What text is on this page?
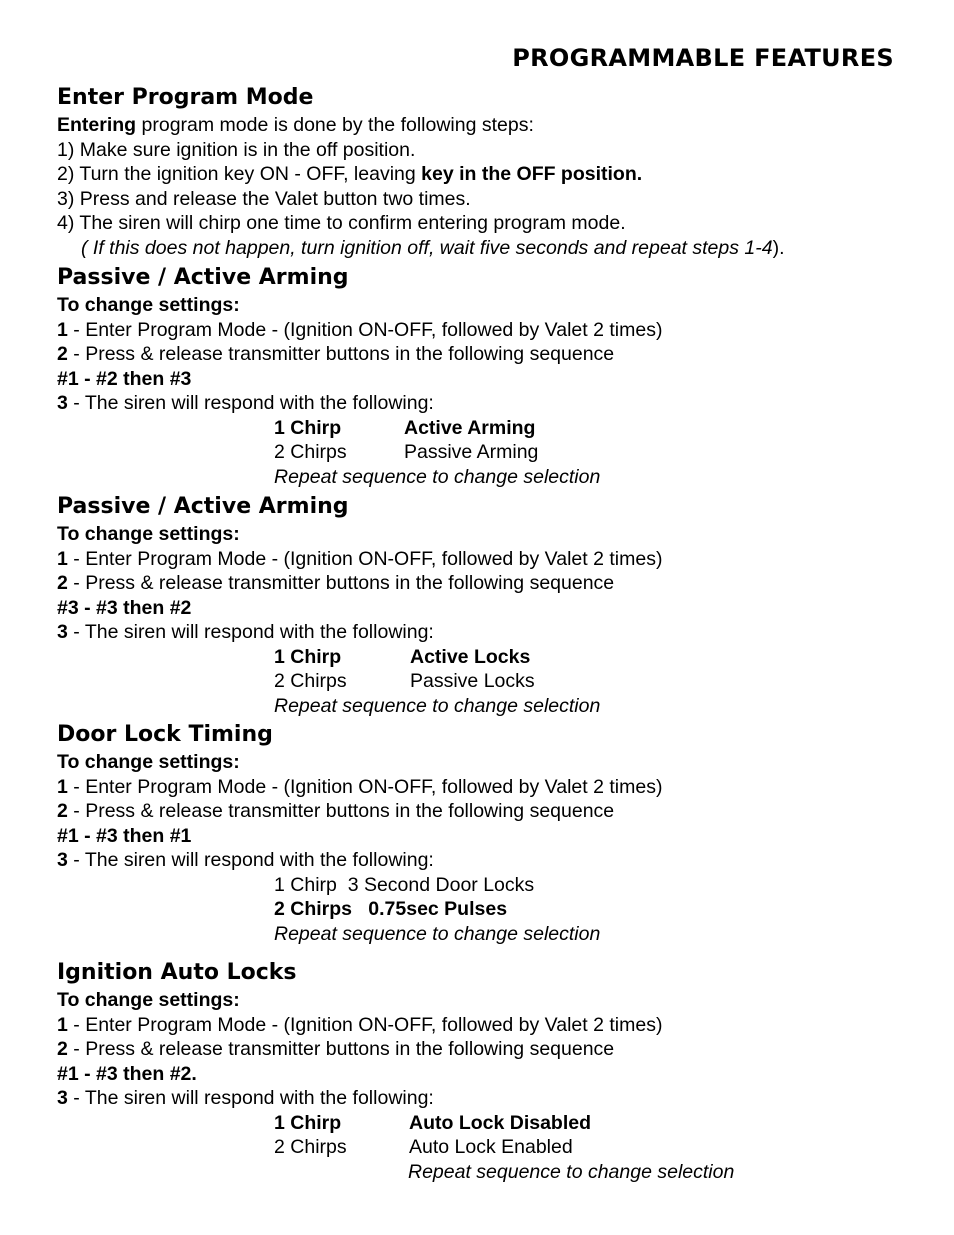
PROGRAMMABLE FEATURES
Enter Program Mode
Entering program mode is done by the following steps:
1) Make sure ignition is in the off position.
2) Turn the ignition key ON - OFF, leaving key in the OFF position.
3) Press and release the Valet button two times.
4) The siren will chirp one time to confirm entering program mode.
( If this does not happen, turn ignition off, wait five seconds and repeat steps 1-4).
Passive / Active Arming
To change settings:
1 - Enter Program Mode - (Ignition ON-OFF, followed by Valet 2 times)
2 - Press & release transmitter buttons in the following sequence
#1 - #2 then #3
3 - The siren will respond with the following:
1 Chirp	Active Arming
2 Chirps	Passive Arming
Repeat sequence to change selection
Passive / Active Arming
To change settings:
1 - Enter Program Mode - (Ignition ON-OFF, followed by Valet 2 times)
2 - Press & release transmitter buttons in the following sequence
#3 - #3 then #2
3 - The siren will respond with the following:
1 Chirp	Active Locks
2 Chirps	Passive Locks
Repeat sequence to change selection
Door Lock Timing
To change settings:
1 - Enter Program Mode - (Ignition ON-OFF, followed by Valet 2 times)
2 - Press & release transmitter buttons in the following sequence
#1 - #3 then #1
3 - The siren will respond with the following:
1 Chirp  3 Second Door Locks
2 Chirps   0.75sec Pulses
Repeat sequence to change selection
Ignition Auto Locks
To change settings:
1 - Enter Program Mode - (Ignition ON-OFF, followed by Valet 2 times)
2 - Press & release transmitter buttons in the following sequence
#1 - #3 then #2.
3 - The siren will respond with the following:
1 Chirp	Auto Lock Disabled
2 Chirps	Auto Lock Enabled
Repeat sequence to change selection
